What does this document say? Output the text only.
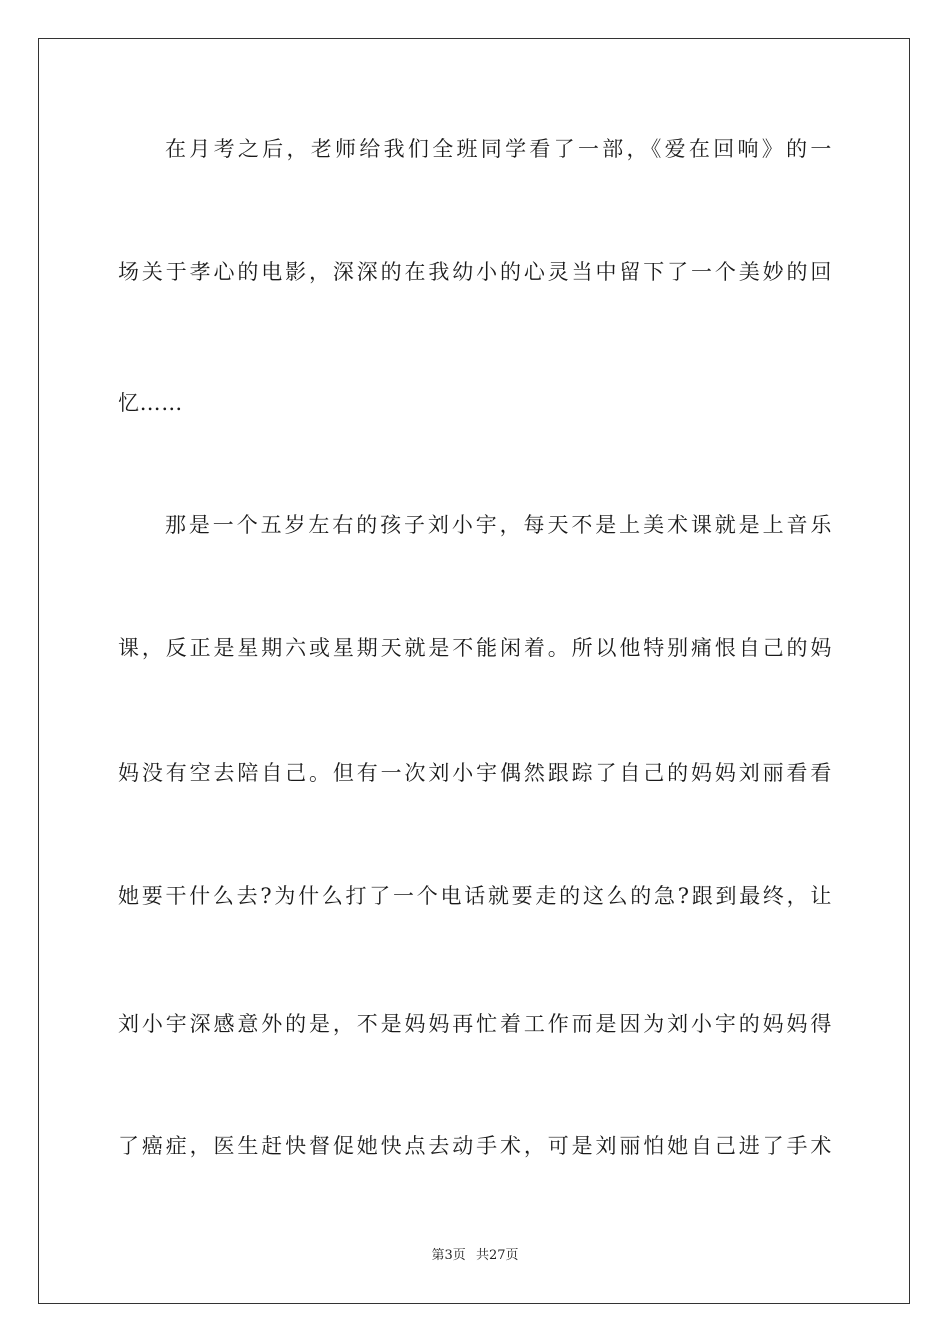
在月考之后，老师给我们全班同学看了一部，《爱在回响》的一
场关于孝心的电影，深深的在我幼小的心灵当中留下了一个美妙的回
忆……
那是一个五岁左右的孩子刘小宇，每天不是上美术课就是上音乐
课，反正是星期六或星期天就是不能闲着。所以他特别痛恨自己的妈
妈没有空去陪自己。但有一次刘小宇偶然跟踪了自己的妈妈刘丽看看
她要干什么去?为什么打了一个电话就要走的这么的急?跟到最终，让
刘小宇深感意外的是，不是妈妈再忙着工作而是因为刘小宇的妈妈得
了癌症，医生赶快督促她快点去动手术，可是刘丽怕她自己进了手术
第3页 共27页
